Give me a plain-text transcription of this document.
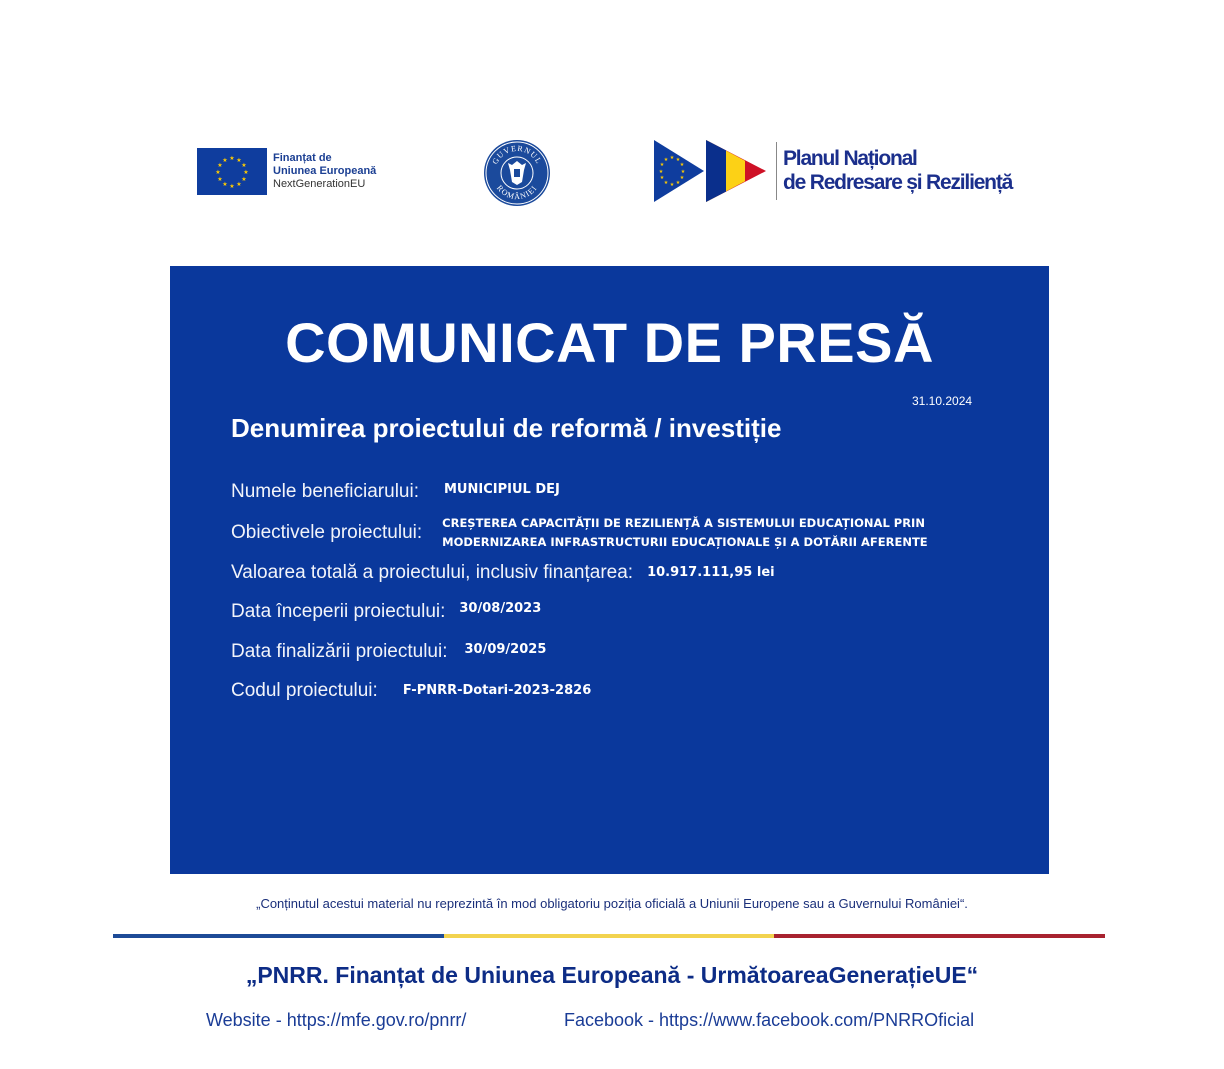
★ ★
★
★
★
★
★
★
★
★
★
★	Finanțat de
Uniunea Europeană
NextGenerationEU
GUVERNUL
ROMÂNIEI
★ ★
★
★
★
★
★
★
★
★
★
★	Planul Național
de Redresare și Reziliență
COMUNICAT DE PRESĂ
31.10.2024
Denumirea proiectului de reformă / investiție
Numele beneficiarului: MUNICIPIUL DEJ
Obiectivele proiectului: CREȘTEREA CAPACITĂȚII DE REZILIENȚĂ A SISTEMULUI EDUCAȚIONAL PRIN MODERNIZAREA INFRASTRUCTURII EDUCAȚIONALE ȘI A DOTĂRII AFERENTE
Valoarea totală a proiectului, inclusiv finanțarea: 10.917.111,95 lei
Data începerii proiectului: 30/08/2023
Data finalizării proiectului: 30/09/2025
Codul proiectului: F-PNRR-Dotari-2023-2826
„Conținutul acestui material nu reprezintă în mod obligatoriu poziția oficială a Uniunii Europene sau a Guvernului României“.
„PNRR. Finanțat de Uniunea Europeană - UrmătoareaGenerațieUE“
Website - https://mfe.gov.ro/pnrr/	Facebook - https://www.facebook.com/PNRROficial
